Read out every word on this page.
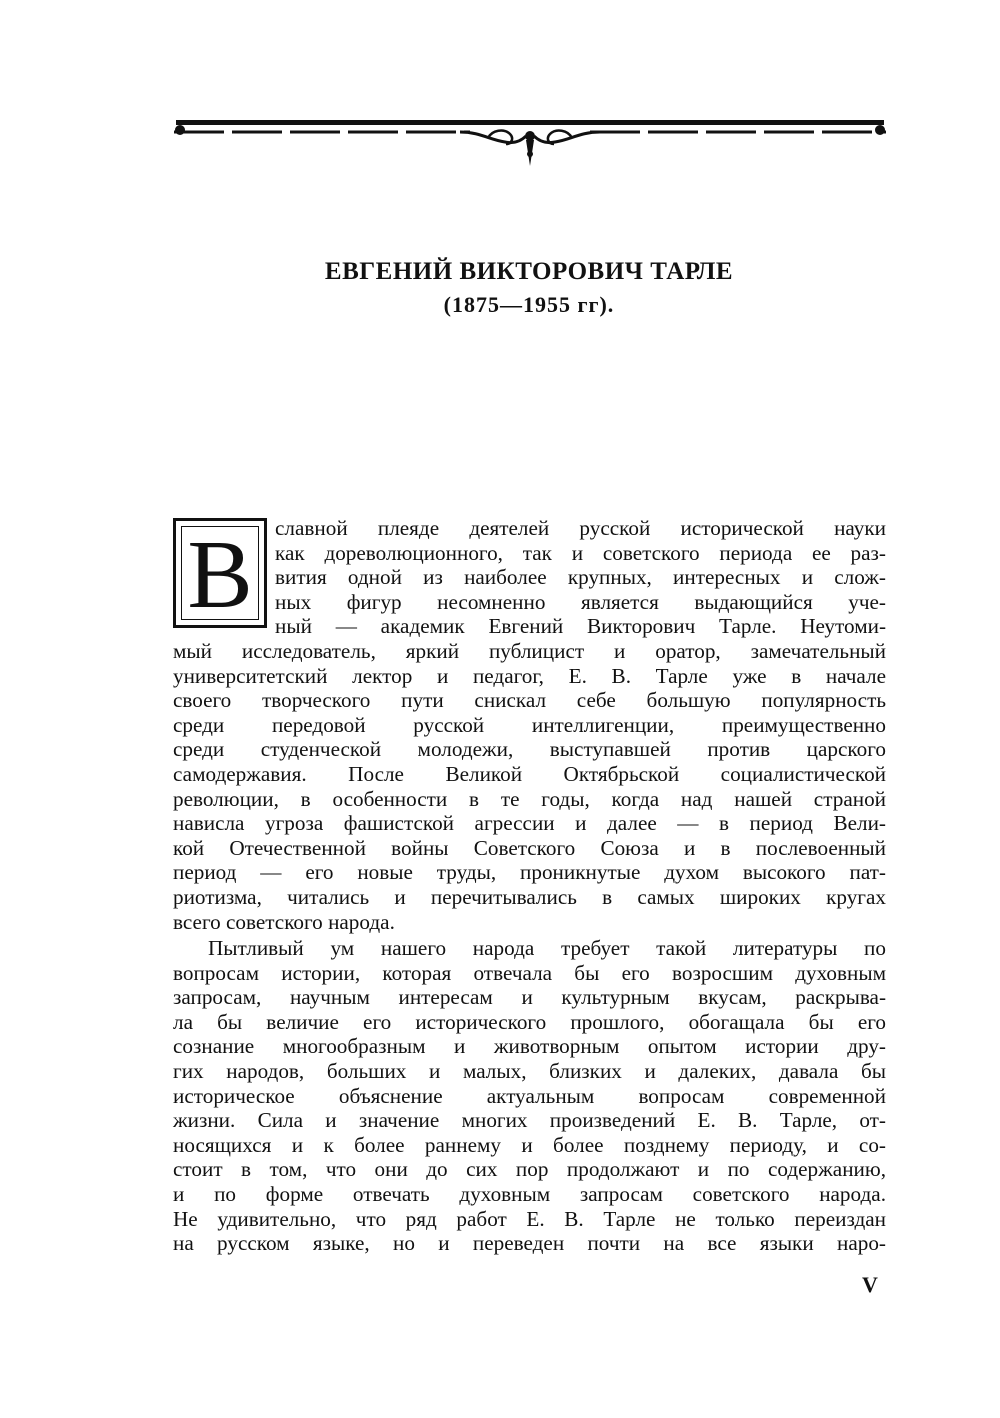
ЕВГЕНИЙ ВИКТОРОВИЧ ТАРЛЕ
(1875—1955 гг).
В	славной плеяде деятелей русской исторической науки
как дореволюционного, так и советского периода ее раз-
вития одной из наиболее крупных, интересных и слож-
ных фигур несомненно является выдающийся уче-
ный — академик Евгений Викторович Тарле. Неутоми-
мый исследователь, яркий публицист и оратор, замечательный
университетский лектор и педагог, Е. В. Тарле уже в начале
своего творческого пути снискал себе большую популярность
среди передовой русской интеллигенции, преимущественно
среди студенческой молодежи, выступавшей против царского
самодержавия. После Великой Октябрьской социалистической
революции, в особенности в те годы, когда над нашей страной
нависла угроза фашистской агрессии и далее — в период Вели-
кой Отечественной войны Советского Союза и в послевоенный
период — его новые труды, проникнутые духом высокого пат-
риотизма, читались и перечитывались в самых широких кругах
всего советского народа.
Пытливый ум нашего народа требует такой литературы по
вопросам истории, которая отвечала бы его возросшим духовным
запросам, научным интересам и культурным вкусам, раскрыва-
ла бы величие его исторического прошлого, обогащала бы его
сознание многообразным и животворным опытом истории дру-
гих народов, больших и малых, близких и далеких, давала бы
историческое объяснение актуальным вопросам современной
жизни. Сила и значение многих произведений Е. В. Тарле, от-
носящихся и к более раннему и более позднему периоду, и со-
стоит в том, что они до сих пор продолжают и по содержанию,
и по форме отвечать духовным запросам советского народа.
Не удивительно, что ряд работ Е. В. Тарле не только переиздан
на русском языке, но и переведен почти на все языки наро-
V
